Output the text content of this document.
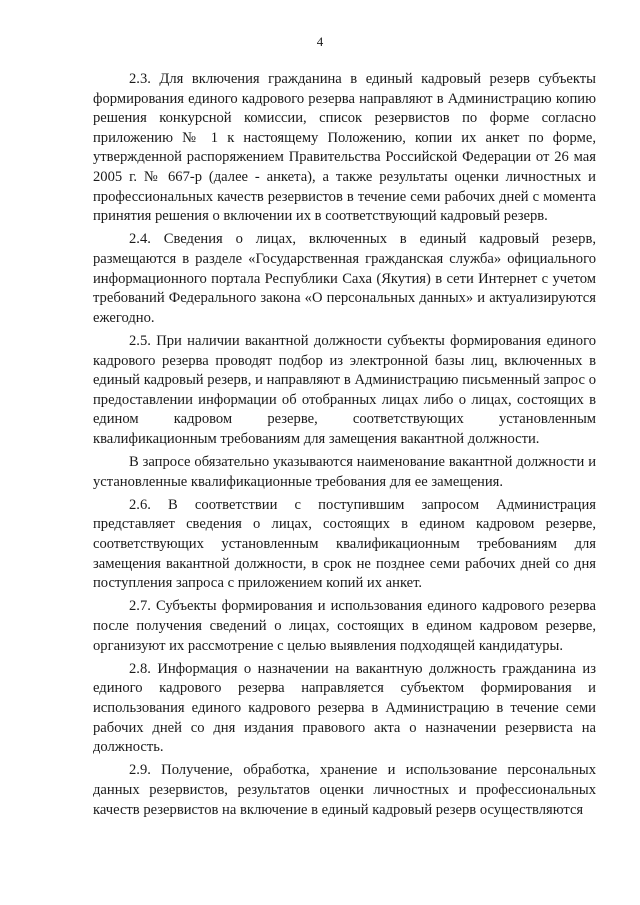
4

2.3. Для включения гражданина в единый кадровый резерв субъекты формирования единого кадрового резерва направляют в Администрацию копию решения конкурсной комиссии, список резервистов по форме согласно приложению № 1 к настоящему Положению, копии их анкет по форме, утвержденной распоряжением Правительства Российской Федерации от 26 мая 2005 г. № 667-р (далее - анкета), а также результаты оценки личностных и профессиональных качеств резервистов в течение семи рабочих дней с момента принятия решения о включении их в соответствующий кадровый резерв.

2.4. Сведения о лицах, включенных в единый кадровый резерв, размещаются в разделе «Государственная гражданская служба» официального информационного портала Республики Саха (Якутия) в сети Интернет с учетом требований Федерального закона «О персональных данных» и актуализируются ежегодно.

2.5. При наличии вакантной должности субъекты формирования единого кадрового резерва проводят подбор из электронной базы лиц, включенных в единый кадровый резерв, и направляют в Администрацию письменный запрос о предоставлении информации об отобранных лицах либо о лицах, состоящих в едином кадровом резерве, соответствующих установленным квалификационным требованиям для замещения вакантной должности.

В запросе обязательно указываются наименование вакантной должности и установленные квалификационные требования для ее замещения.

2.6. В соответствии с поступившим запросом Администрация представляет сведения о лицах, состоящих в едином кадровом резерве, соответствующих установленным квалификационным требованиям для замещения вакантной должности, в срок не позднее семи рабочих дней со дня поступления запроса с приложением копий их анкет.

2.7. Субъекты формирования и использования единого кадрового резерва после получения сведений о лицах, состоящих в едином кадровом резерве, организуют их рассмотрение с целью выявления подходящей кандидатуры.

2.8. Информация о назначении на вакантную должность гражданина из единого кадрового резерва направляется субъектом формирования и использования единого кадрового резерва в Администрацию в течение семи рабочих дней со дня издания правового акта о назначении резервиста на должность.

2.9. Получение, обработка, хранение и использование персональных данных резервистов, результатов оценки личностных и профессиональных качеств резервистов на включение в единый кадровый резерв осуществляются
